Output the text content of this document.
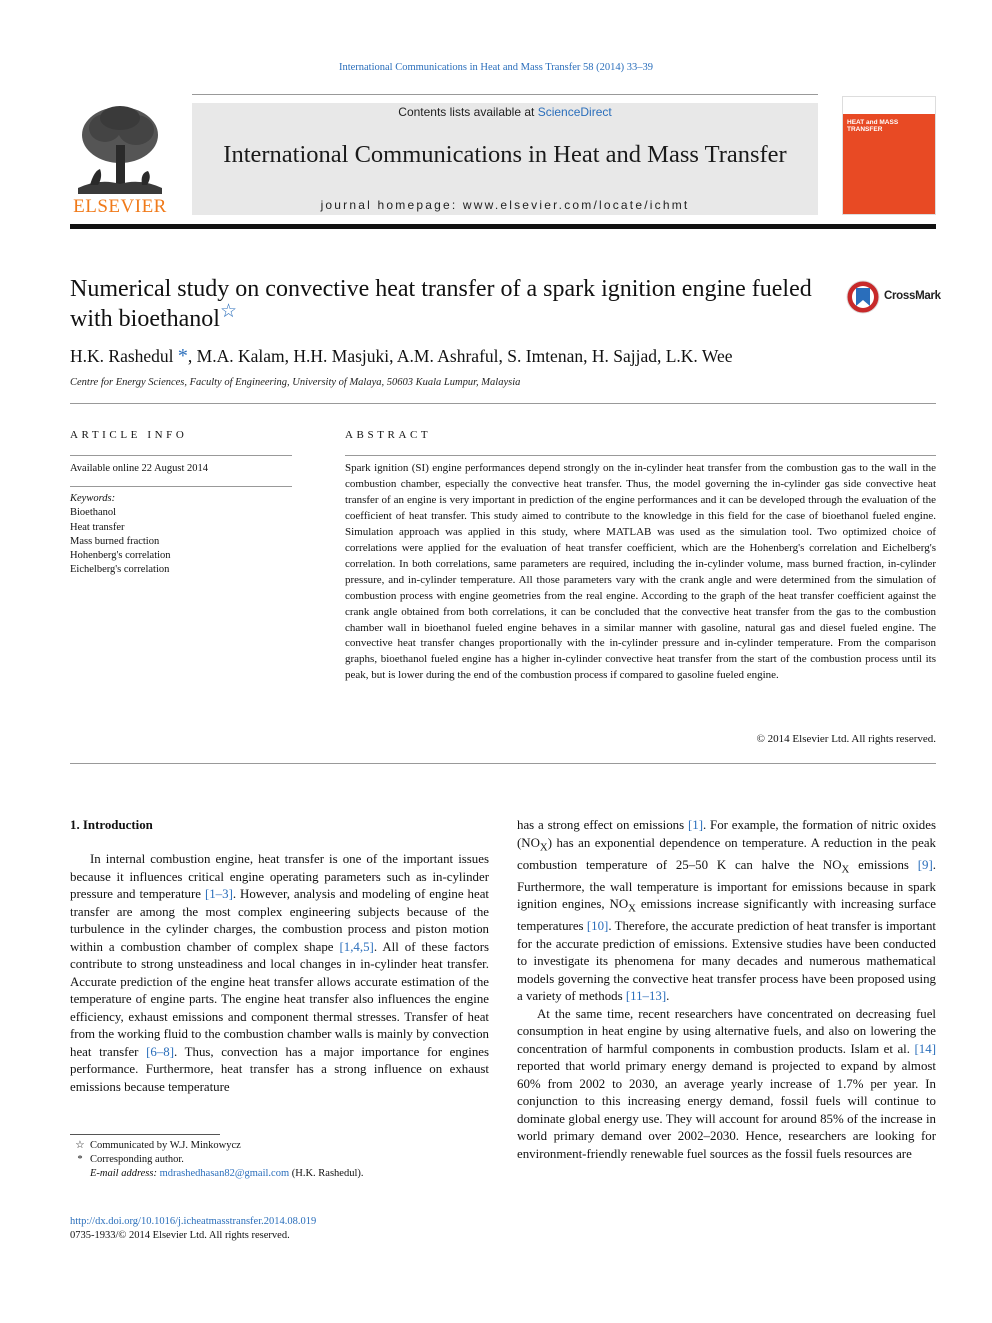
International Communications in Heat and Mass Transfer 58 (2014) 33–39
ELSEVIER
Contents lists available at ScienceDirect
International Communications in Heat and Mass Transfer
journal homepage: www.elsevier.com/locate/ichmt
HEAT and MASS TRANSFER
Numerical study on convective heat transfer of a spark ignition engine fueled with bioethanol☆
CrossMark
H.K. Rashedul *, M.A. Kalam, H.H. Masjuki, A.M. Ashraful, S. Imtenan, H. Sajjad, L.K. Wee
Centre for Energy Sciences, Faculty of Engineering, University of Malaya, 50603 Kuala Lumpur, Malaysia
ARTICLE INFO
Available online 22 August 2014
Keywords:
Bioethanol
Heat transfer
Mass burned fraction
Hohenberg's correlation
Eichelberg's correlation
ABSTRACT
Spark ignition (SI) engine performances depend strongly on the in-cylinder heat transfer from the combustion gas to the wall in the combustion chamber, especially the convective heat transfer. Thus, the model governing the in-cylinder gas side convective heat transfer of an engine is very important in prediction of the engine performances and it can be developed through the evaluation of the coefficient of heat transfer. This study aimed to contribute to the knowledge in this field for the case of bioethanol fueled engine. Simulation approach was applied in this study, where MATLAB was used as the simulation tool. Two optimized choice of correlations were applied for the evaluation of heat transfer coefficient, which are the Hohenberg's correlation and Eichelberg's correlation. In both correlations, same parameters are required, including the in-cylinder volume, mass burned fraction, in-cylinder pressure, and in-cylinder temperature. All those parameters vary with the crank angle and were determined from the simulation of combustion process with engine geometries from the real engine. According to the graph of the heat transfer coefficient against the crank angle obtained from both correlations, it can be concluded that the convective heat transfer from the gas to the combustion chamber wall in bioethanol fueled engine behaves in a similar manner with gasoline, natural gas and diesel fueled engine. The convective heat transfer changes proportionally with the in-cylinder pressure and in-cylinder temperature. From the comparison graphs, bioethanol fueled engine has a higher in-cylinder convective heat transfer from the start of the combustion process until its peak, but is lower during the end of the combustion process if compared to gasoline fueled engine.
© 2014 Elsevier Ltd. All rights reserved.
1. Introduction

In internal combustion engine, heat transfer is one of the important issues because it influences critical engine operating parameters such as in-cylinder pressure and temperature [1–3]. However, analysis and modeling of engine heat transfer are among the most complex engineering subjects because of the turbulence in the cylinder charges, the combustion process and piston motion within a combustion chamber of complex shape [1,4,5]. All of these factors contribute to strong unsteadiness and local changes in in-cylinder heat transfer. Accurate prediction of the engine heat transfer allows accurate estimation of the temperature of engine parts. The engine heat transfer also influences the engine efficiency, exhaust emissions and component thermal stresses. Transfer of heat from the working fluid to the combustion chamber walls is mainly by convection heat transfer [6–8]. Thus, convection has a major importance for engines performance. Furthermore, heat transfer has a strong influence on exhaust emissions because temperature

has a strong effect on emissions [1]. For example, the formation of nitric oxides $(NO_X)$ has an exponential dependence on temperature. A reduction in the peak combustion temperature of 25–50 K can halve the $NO_X$ emissions [9]. Furthermore, the wall temperature is important for emissions because in spark ignition engines, $NO_X$ emissions increase significantly with increasing surface temperatures [10]. Therefore, the accurate prediction of heat transfer is important for the accurate prediction of emissions. Extensive studies have been conducted to investigate its phenomena for many decades and numerous mathematical models governing the convective heat transfer process have been proposed using a variety of methods [11–13].

At the same time, recent researchers have concentrated on decreasing fuel consumption in heat engine by using alternative fuels, and also on lowering the concentration of harmful components in combustion products. Islam et al. [14] reported that world primary energy demand is projected to expand by almost 60% from 2002 to 2030, an average yearly increase of 1.7% per year. In conjunction to this increasing energy demand, fossil fuels will continue to dominate global energy use. They will account for around 85% of the increase in world primary demand over 2002–2030. Hence, researchers are looking for environment-friendly renewable fuel sources as the fossil fuels resources are

☆ Communicated by W.J. Minkowycz
* Corresponding author.
E-mail address: mdrashedhasan82@gmail.com (H.K. Rashedul).
http://dx.doi.org/10.1016/j.icheatmasstransfer.2014.08.019
0735-1933/© 2014 Elsevier Ltd. All rights reserved.
